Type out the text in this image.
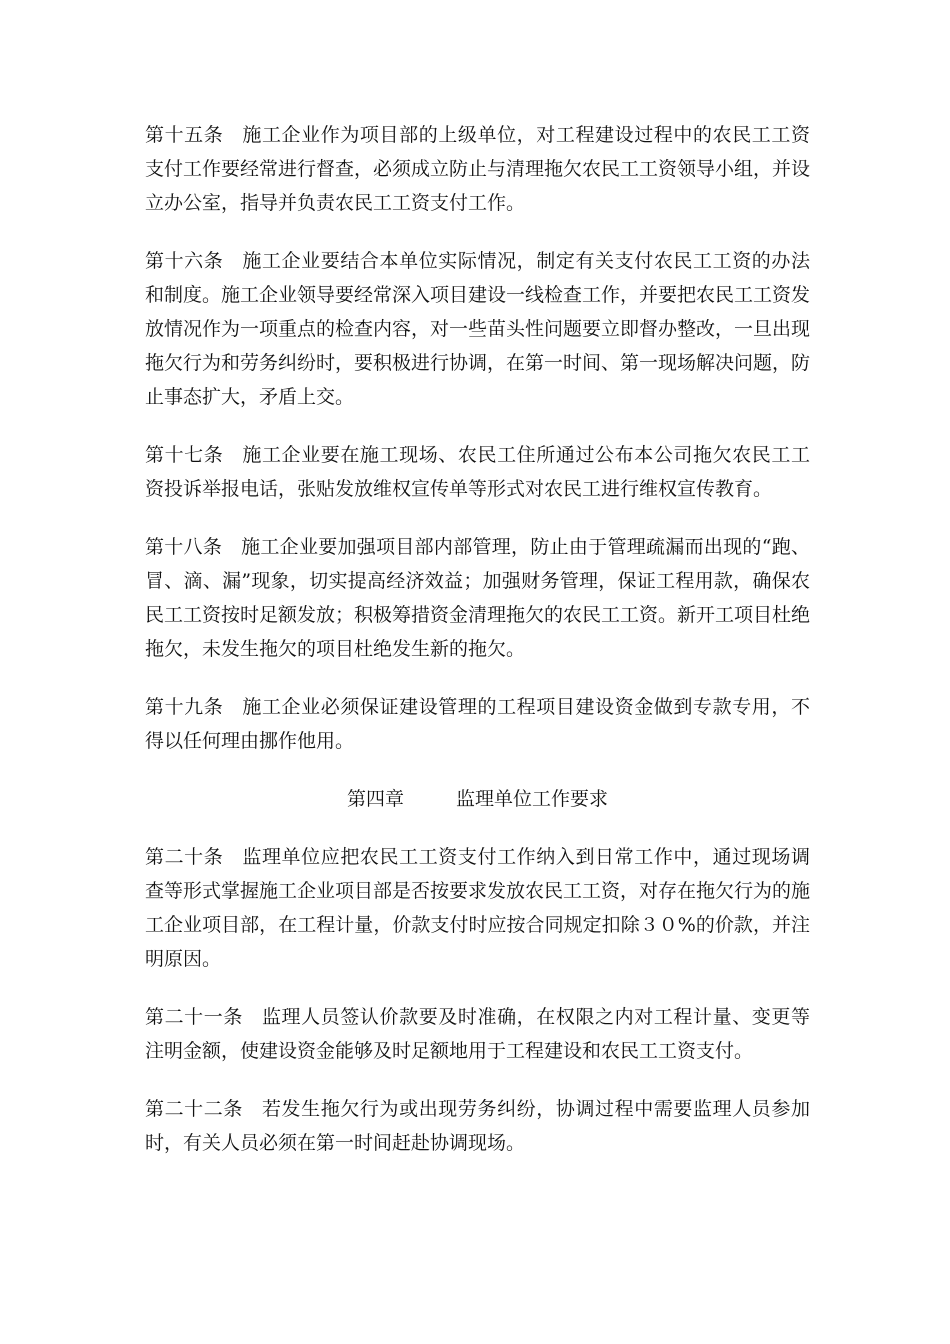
第十五条 施工企业作为项目部的上级单位，对工程建设过程中的农民工工资支付工作要经常进行督查，必须成立防止与清理拖欠农民工工资领导小组，并设立办公室，指导并负责农民工工资支付工作。

第十六条 施工企业要结合本单位实际情况，制定有关支付农民工工资的办法和制度。施工企业领导要经常深入项目建设一线检查工作，并要把农民工工资发放情况作为一项重点的检查内容，对一些苗头性问题要立即督办整改，一旦出现拖欠行为和劳务纠纷时，要积极进行协调，在第一时间、第一现场解决问题，防止事态扩大，矛盾上交。

第十七条 施工企业要在施工现场、农民工住所通过公布本公司拖欠农民工工资投诉举报电话，张贴发放维权宣传单等形式对农民工进行维权宣传教育。

第十八条 施工企业要加强项目部内部管理，防止由于管理疏漏而出现的“跑、冒、滴、漏”现象，切实提高经济效益；加强财务管理，保证工程用款，确保农民工工资按时足额发放；积极筹措资金清理拖欠的农民工工资。新开工项目杜绝拖欠，未发生拖欠的项目杜绝发生新的拖欠。

第十九条 施工企业必须保证建设管理的工程项目建设资金做到专款专用，不得以任何理由挪作他用。

第四章	监理单位工作要求

第二十条 监理单位应把农民工工资支付工作纳入到日常工作中，通过现场调查等形式掌握施工企业项目部是否按要求发放农民工工资，对存在拖欠行为的施工企业项目部，在工程计量，价款支付时应按合同规定扣除３０%的价款，并注明原因。

第二十一条 监理人员签认价款要及时准确，在权限之内对工程计量、变更等注明金额，使建设资金能够及时足额地用于工程建设和农民工工资支付。

第二十二条 若发生拖欠行为或出现劳务纠纷，协调过程中需要监理人员参加时，有关人员必须在第一时间赶赴协调现场。
